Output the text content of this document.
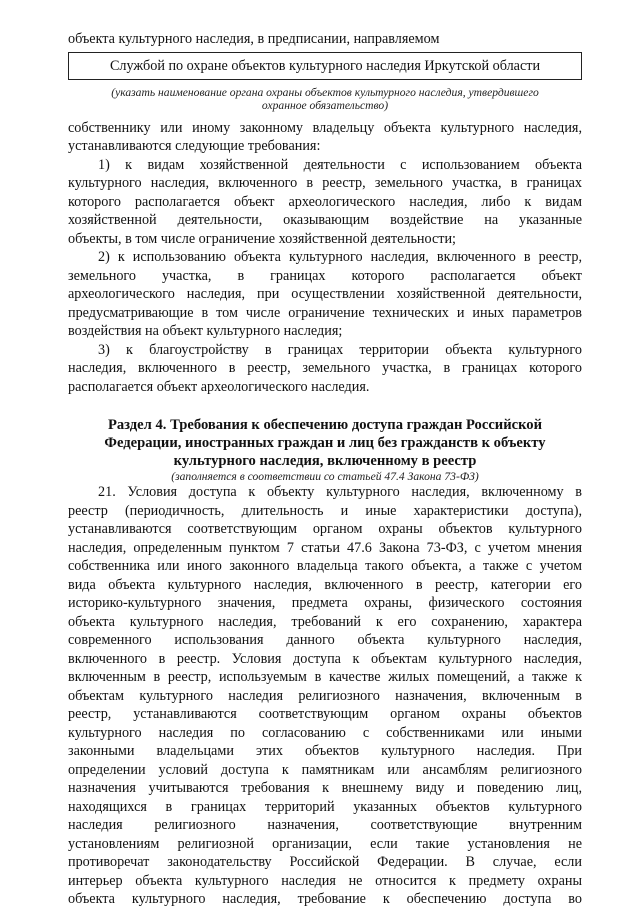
объекта культурного наследия, в предписании, направляемом
Службой по охране объектов культурного наследия Иркутской области
(указать наименование органа охраны объектов культурного наследия, утвердившего
охранное обязательство)
собственнику или иному законному владельцу объекта культурного наследия,
устанавливаются следующие требования:
1) к видам хозяйственной деятельности с использованием объекта
культурного наследия, включенного в реестр, земельного участка, в границах
которого располагается объект археологического наследия, либо к видам
хозяйственной деятельности, оказывающим воздействие на указанные
объекты, в том числе ограничение хозяйственной деятельности;
2) к использованию объекта культурного наследия, включенного в реестр,
земельного участка, в границах которого располагается объект
археологического наследия, при осуществлении хозяйственной деятельности,
предусматривающие в том числе ограничение технических и иных параметров
воздействия на объект культурного наследия;
3) к благоустройству в границах территории объекта культурного
наследия, включенного в реестр, земельного участка, в границах которого
располагается объект археологического наследия.
Раздел 4. Требования к обеспечению доступа граждан Российской
Федерации, иностранных граждан и лиц без гражданств к объекту
культурного наследия, включенному в реестр
(заполняется в соответствии со статьей 47.4 Закона 73-ФЗ)
21. Условия доступа к объекту культурного наследия, включенному в
реестр (периодичность, длительность и иные характеристики доступа),
устанавливаются соответствующим органом охраны объектов культурного
наследия, определенным пунктом 7 статьи 47.6 Закона 73-ФЗ, с учетом мнения
собственника или иного законного владельца такого объекта, а также с учетом
вида объекта культурного наследия, включенного в реестр, категории его
историко-культурного значения, предмета охраны, физического состояния
объекта культурного наследия, требований к его сохранению, характера
современного использования данного объекта культурного наследия,
включенного в реестр. Условия доступа к объектам культурного наследия,
включенным в реестр, используемым в качестве жилых помещений, а также к
объектам культурного наследия религиозного назначения, включенным в
реестр, устанавливаются соответствующим органом охраны объектов
культурного наследия по согласованию с собственниками или иными
законными владельцами этих объектов культурного наследия. При
определении условий доступа к памятникам или ансамблям религиозного
назначения учитываются требования к внешнему виду и поведению лиц,
находящихся в границах территорий указанных объектов культурного
наследия религиозного назначения, соответствующие внутренним
установлениям религиозной организации, если такие установления не
противоречат законодательству Российской Федерации. В случае, если
интерьер объекта культурного наследия не относится к предмету охраны
объекта культурного наследия, требование к обеспечению доступа во
